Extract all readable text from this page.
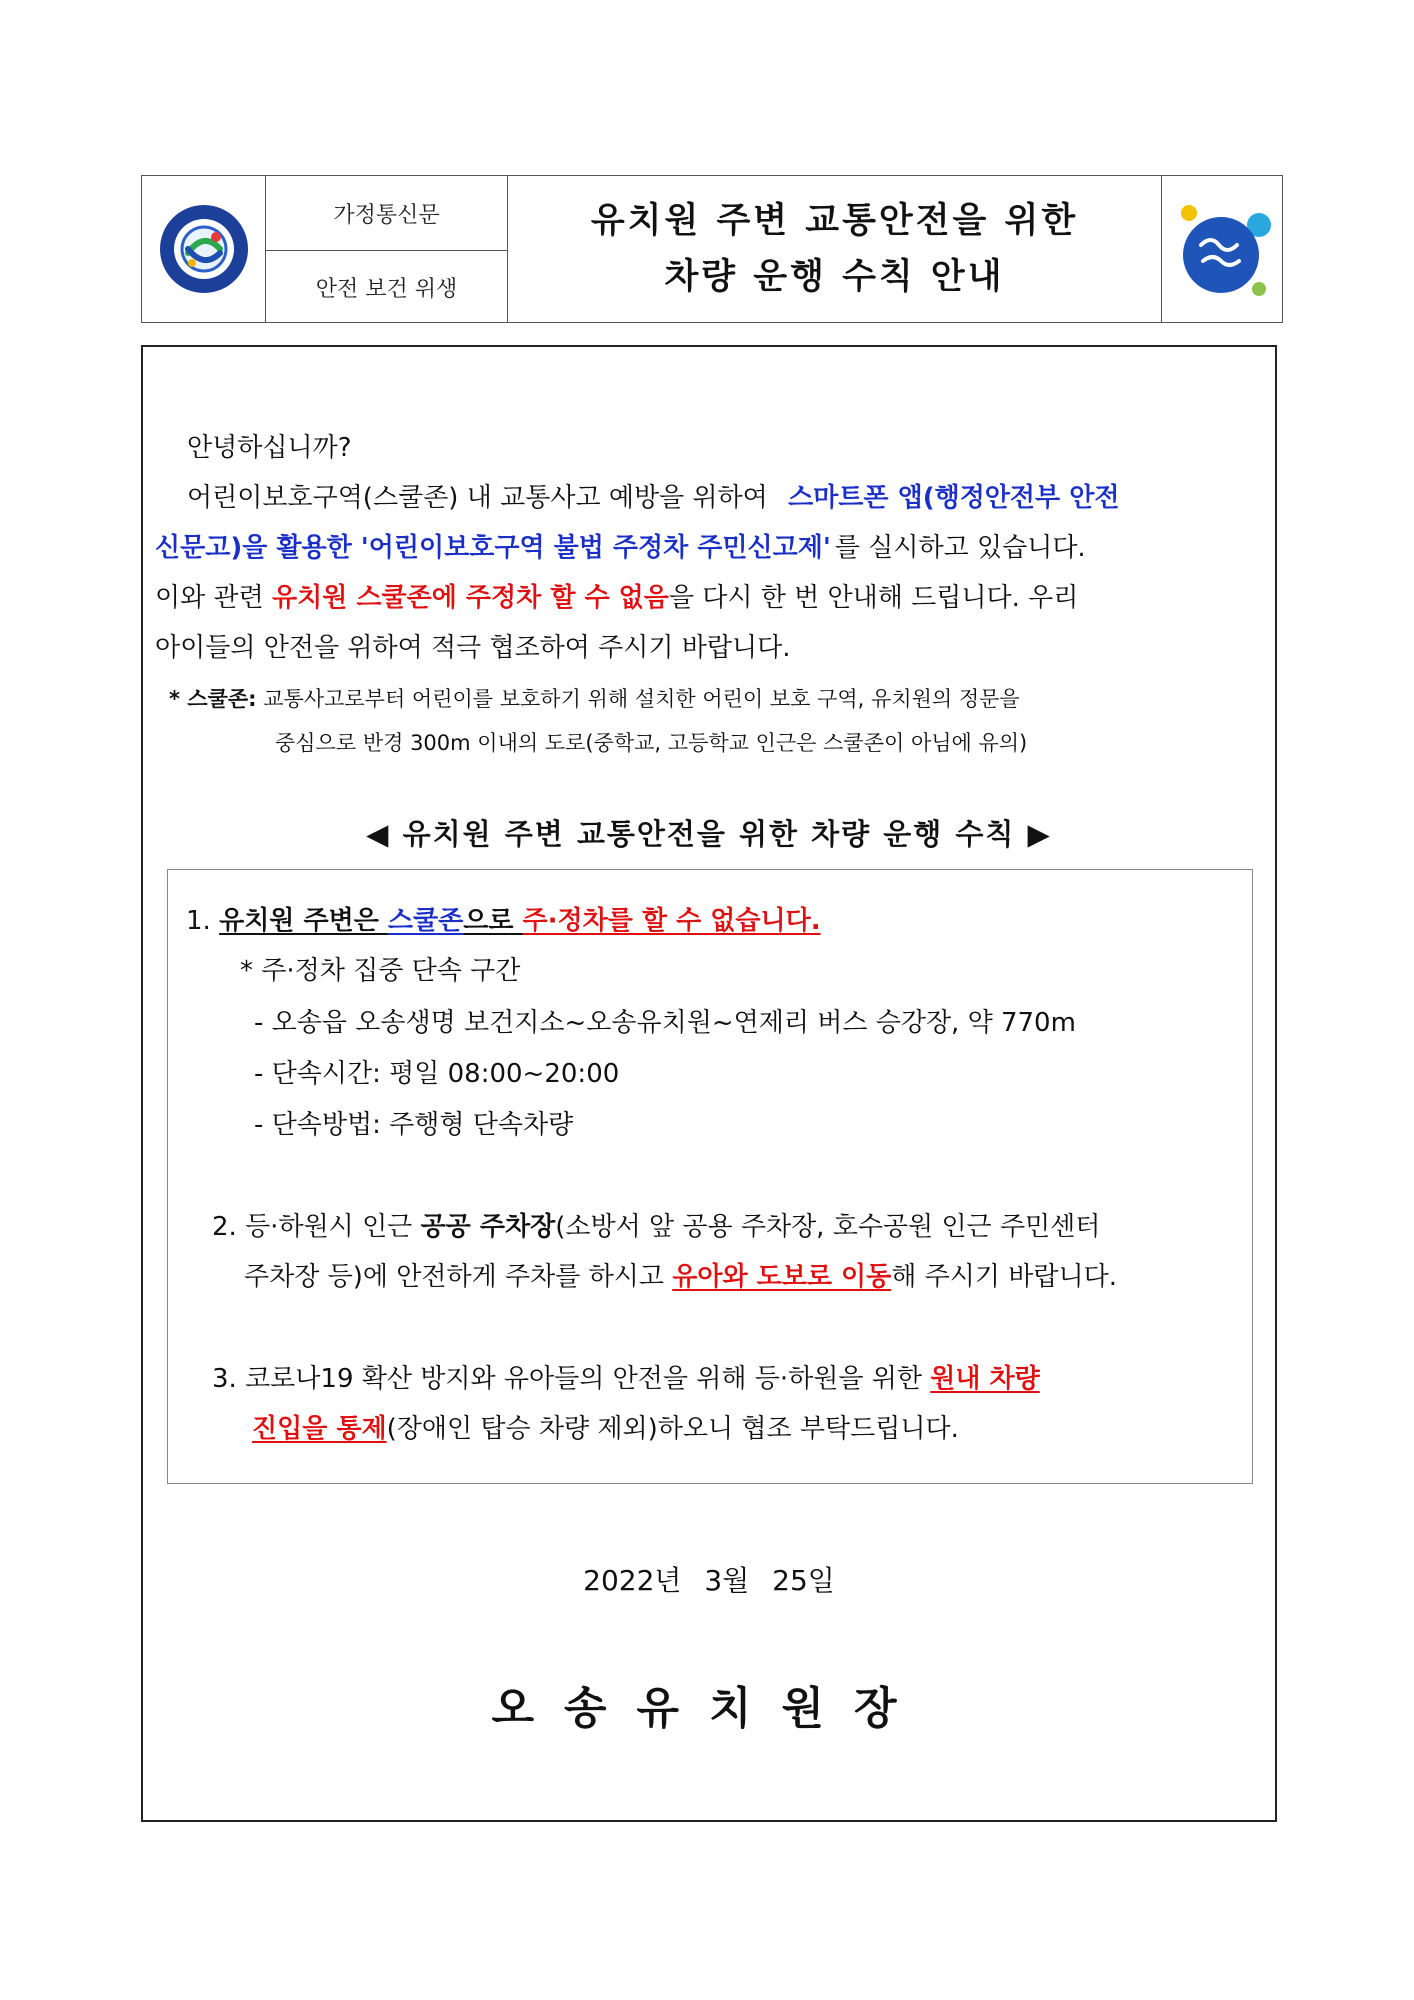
가정통신문
안전 보건 위생
유치원 주변 교통안전을 위한
차량 운행 수칙 안내
안녕하십니까?
어린이보호구역(스쿨존) 내 교통사고 예방을 위하여 스마트폰 앱(행정안전부 안전
신문고)을 활용한 '어린이보호구역 불법 주정차 주민신고제' 를 실시하고 있습니다.
이와 관련 유치원 스쿨존에 주정차 할 수 없음을 다시 한 번 안내해 드립니다. 우리
아이들의 안전을 위하여 적극 협조하여 주시기 바랍니다.
* 스쿨존: 교통사고로부터 어린이를 보호하기 위해 설치한 어린이 보호 구역, 유치원의 정문을
중심으로 반경 300m 이내의 도로(중학교, 고등학교 인근은 스쿨존이 아님에 유의)
◀ 유치원 주변 교통안전을 위한 차량 운행 수칙 ▶
1. 유치원 주변은 스쿨존으로 주·정차를 할 수 없습니다.
* 주·정차 집중 단속 구간
- 오송읍 오송생명 보건지소~오송유치원~연제리 버스 승강장, 약 770m
- 단속시간: 평일 08:00~20:00
- 단속방법: 주행형 단속차량
2. 등·하원시 인근 공공 주차장(소방서 앞 공용 주차장, 호수공원 인근 주민센터
주차장 등)에 안전하게 주차를 하시고 유아와 도보로 이동해 주시기 바랍니다.
3. 코로나19 확산 방지와 유아들의 안전을 위해 등·하원을 위한 원내 차량
진입을 통제(장애인 탑승 차량 제외)하오니 협조 부탁드립니다.
2022년 3월 25일
오송유치원장
